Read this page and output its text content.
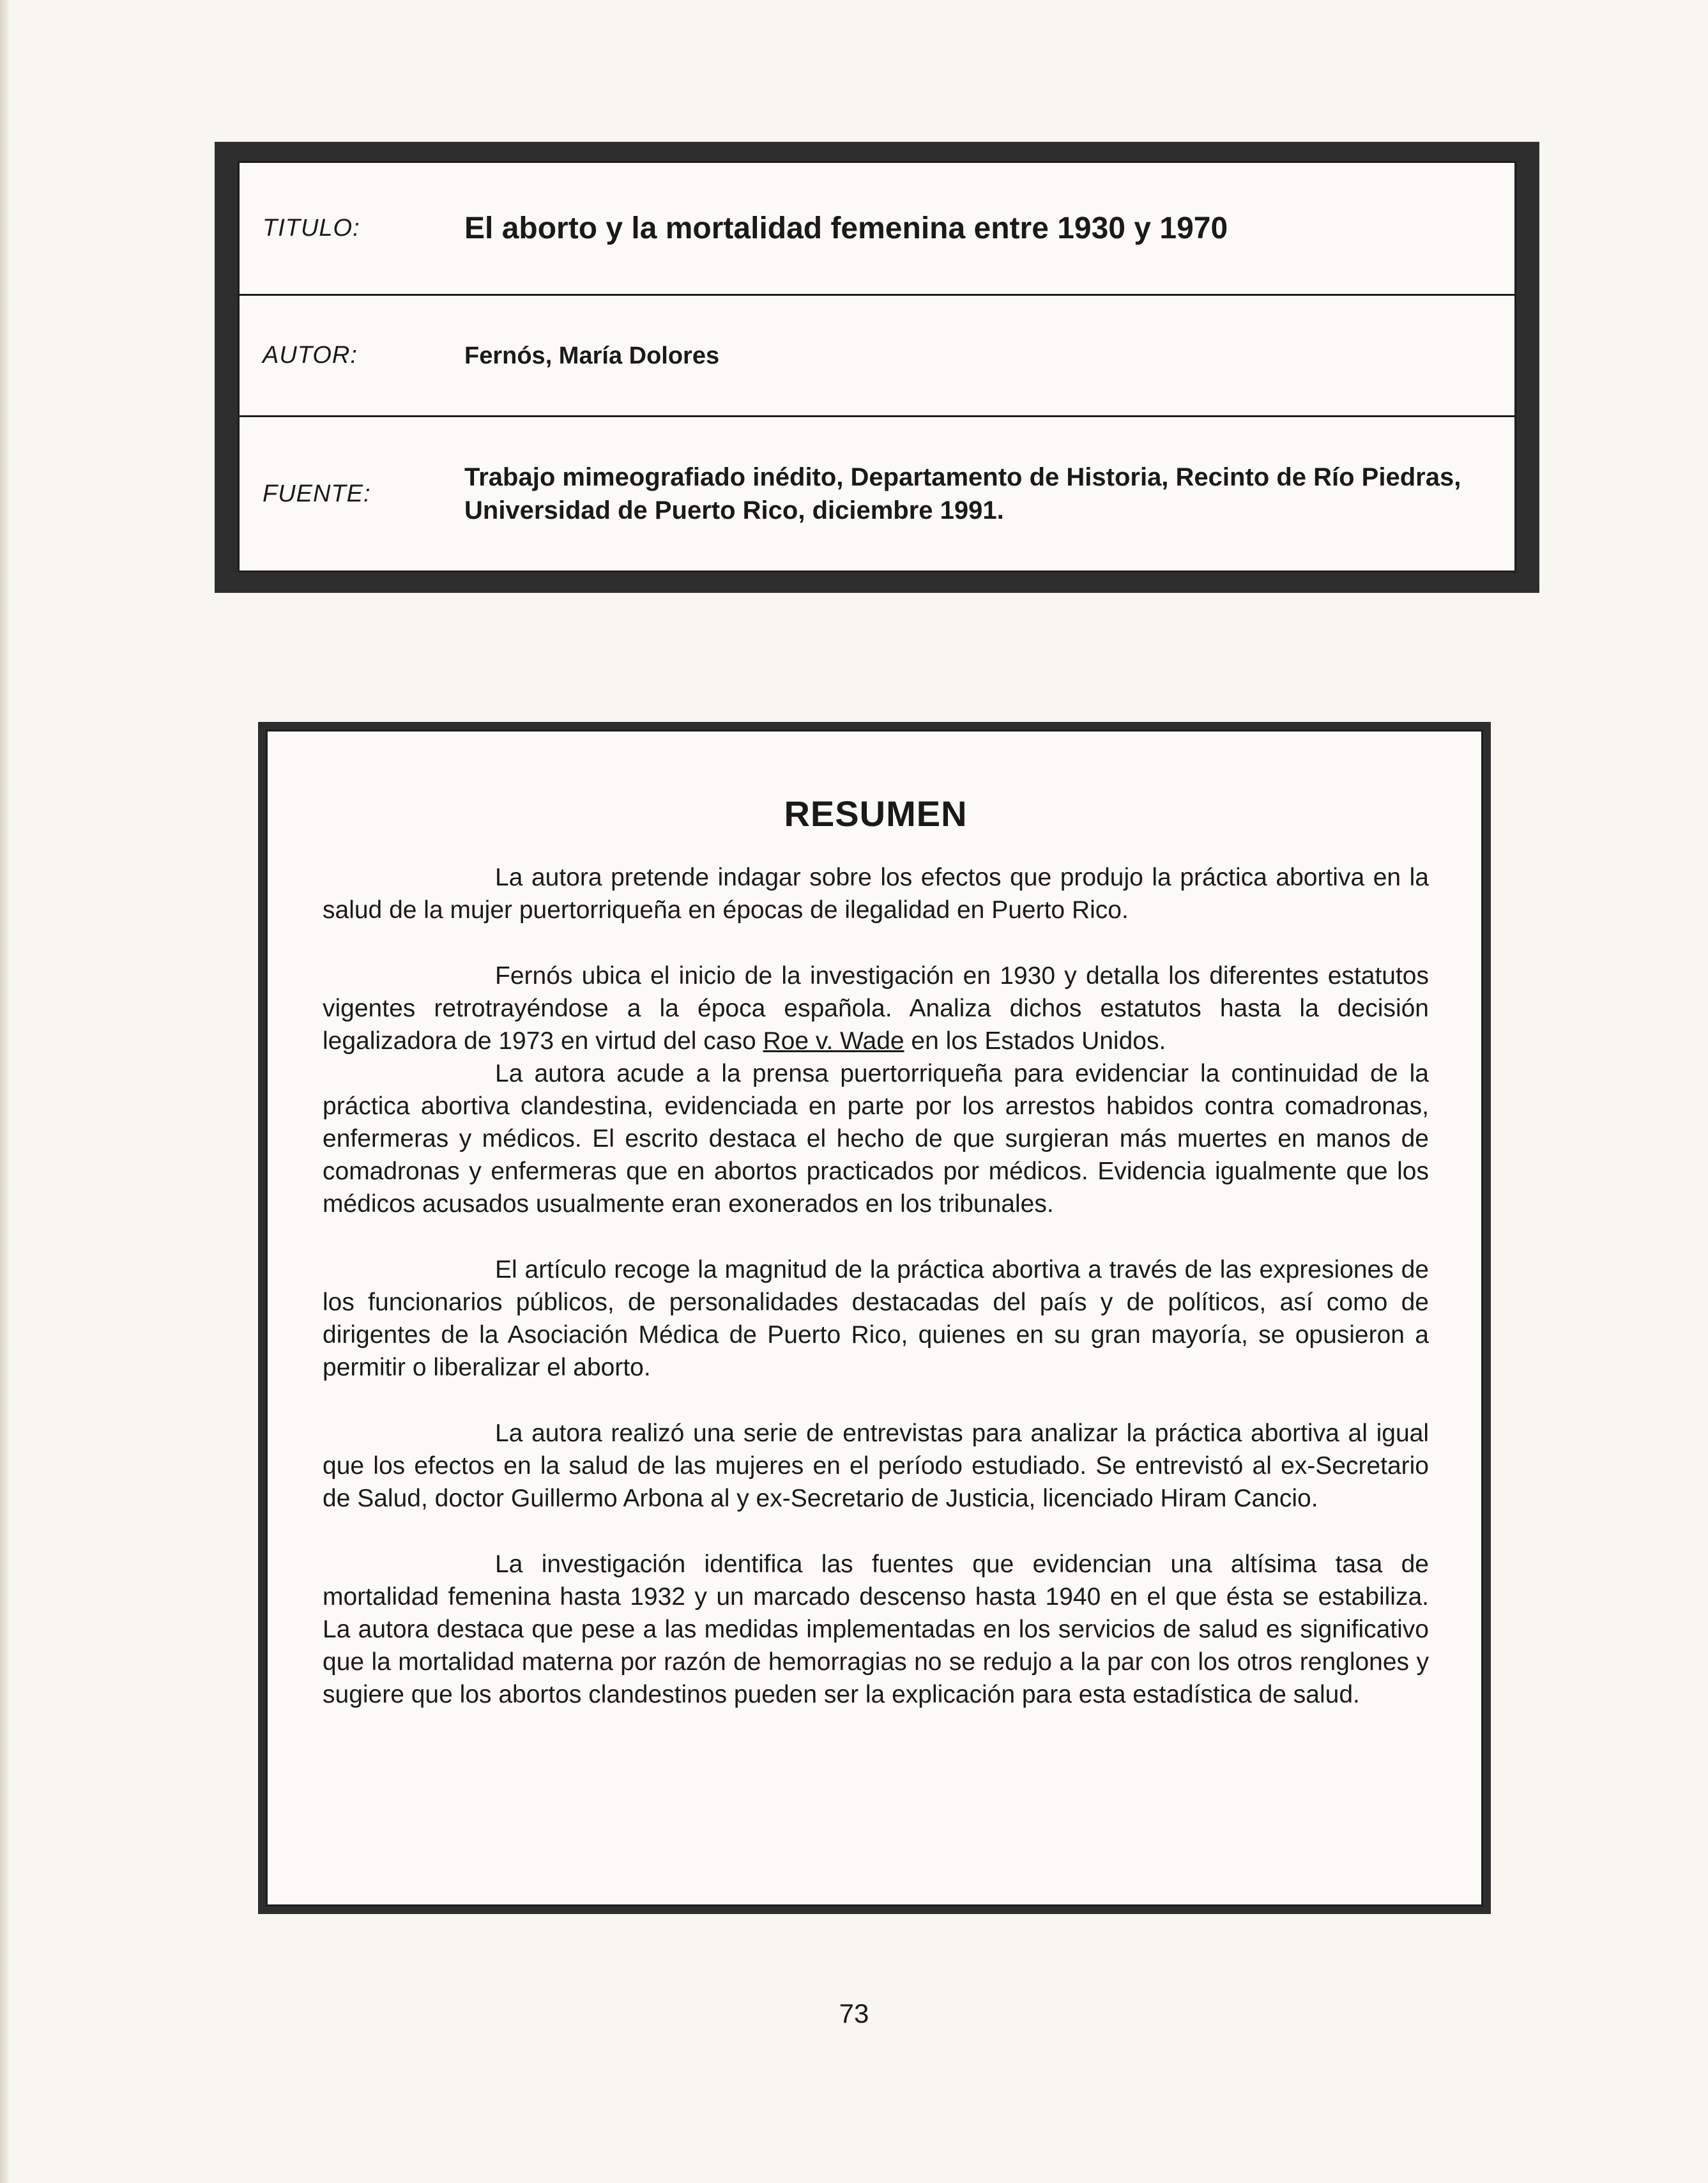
TITULO:	El aborto y la mortalidad femenina entre 1930 y 1970
AUTOR:	Fernós, María Dolores
FUENTE:
Trabajo mimeografiado inédito, Departamento de Historia, Recinto de Río Piedras, Universidad de Puerto Rico, diciembre 1991.
RESUMEN

La autora pretende indagar sobre los efectos que produjo la práctica abortiva en la salud de la mujer puertorriqueña en épocas de ilegalidad en Puerto Rico.

Fernós ubica el inicio de la investigación en 1930 y detalla los diferentes estatutos vigentes retrotrayéndose a la época española. Analiza dichos estatutos hasta la decisión legalizadora de 1973 en virtud del caso Roe v. Wade en los Estados Unidos.

La autora acude a la prensa puertorriqueña para evidenciar la continuidad de la práctica abortiva clandestina, evidenciada en parte por los arrestos habidos contra comadronas, enfermeras y médicos. El escrito destaca el hecho de que surgieran más muertes en manos de comadronas y enfermeras que en abortos practicados por médicos. Evidencia igualmente que los médicos acusados usualmente eran exonerados en los tribunales.

El artículo recoge la magnitud de la práctica abortiva a través de las expresiones de los funcionarios públicos, de personalidades destacadas del país y de políticos, así como de dirigentes de la Asociación Médica de Puerto Rico, quienes en su gran mayoría, se opusieron a permitir o liberalizar el aborto.

La autora realizó una serie de entrevistas para analizar la práctica abortiva al igual que los efectos en la salud de las mujeres en el período estudiado. Se entrevistó al ex-Secretario de Salud, doctor Guillermo Arbona al y ex-Secretario de Justicia, licenciado Hiram Cancio.

La investigación identifica las fuentes que evidencian una altísima tasa de mortalidad femenina hasta 1932 y un marcado descenso hasta 1940 en el que ésta se estabiliza. La autora destaca que pese a las medidas implementadas en los servicios de salud es significativo que la mortalidad materna por razón de hemorragias no se redujo a la par con los otros renglones y sugiere que los abortos clandestinos pueden ser la explicación para esta estadística de salud.

73
